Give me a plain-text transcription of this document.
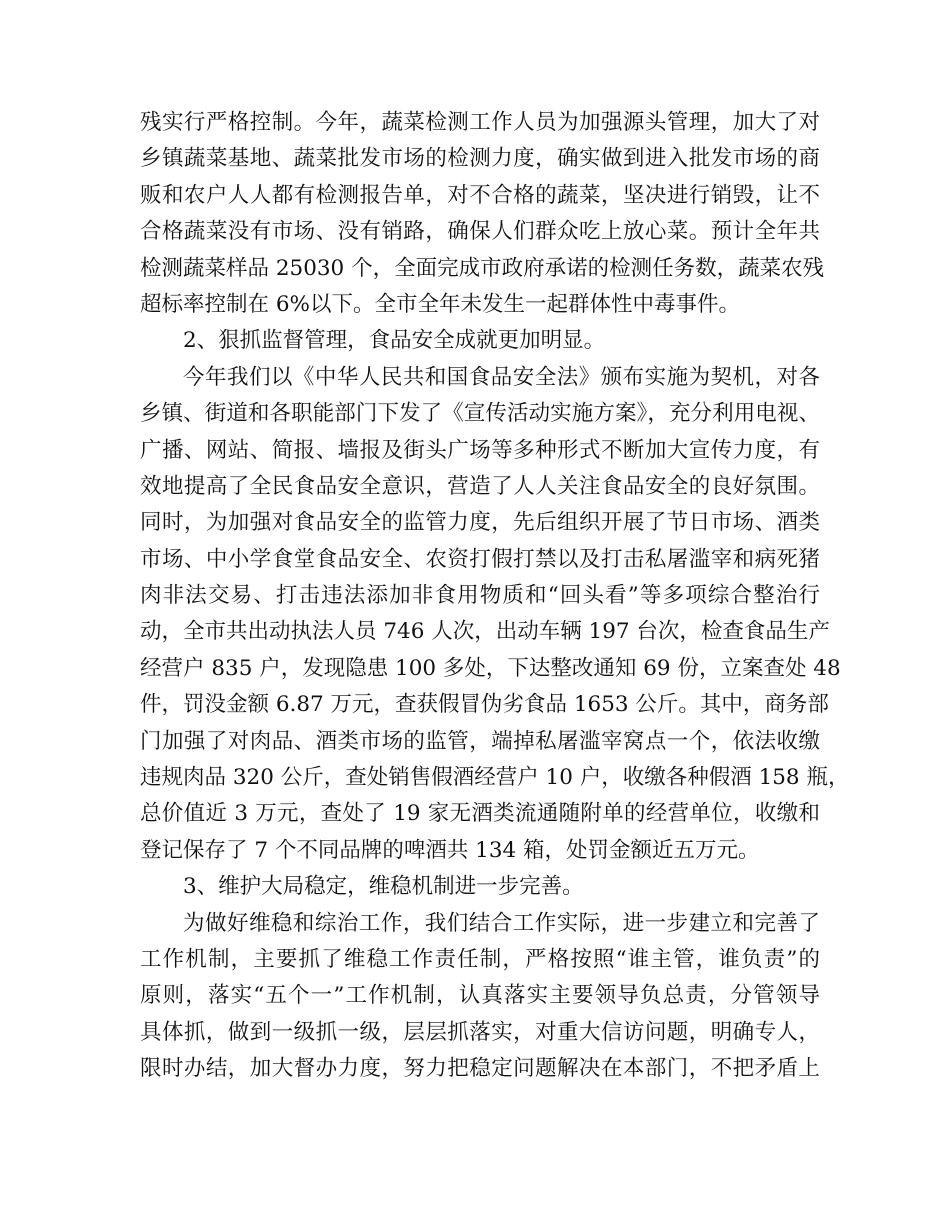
残实行严格控制。今年，蔬菜检测工作人员为加强源头管理，加大了对
乡镇蔬菜基地、蔬菜批发市场的检测力度，确实做到进入批发市场的商
贩和农户人人都有检测报告单，对不合格的蔬菜，坚决进行销毁，让不
合格蔬菜没有市场、没有销路，确保人们群众吃上放心菜。预计全年共
检测蔬菜样品 25030 个，全面完成市政府承诺的检测任务数，蔬菜农残
超标率控制在 6%以下。全市全年未发生一起群体性中毒事件。
2、狠抓监督管理，食品安全成就更加明显。
今年我们以《中华人民共和国食品安全法》颁布实施为契机，对各
乡镇、街道和各职能部门下发了《宣传活动实施方案》，充分利用电视、
广播、网站、简报、墙报及街头广场等多种形式不断加大宣传力度，有
效地提高了全民食品安全意识，营造了人人关注食品安全的良好氛围。
同时，为加强对食品安全的监管力度，先后组织开展了节日市场、酒类
市场、中小学食堂食品安全、农资打假打禁以及打击私屠滥宰和病死猪
肉非法交易、打击违法添加非食用物质和“回头看”等多项综合整治行
动，全市共出动执法人员 746 人次，出动车辆 197 台次，检查食品生产
经营户 835 户，发现隐患 100 多处，下达整改通知 69 份，立案查处 48
件，罚没金额 6.87 万元，查获假冒伪劣食品 1653 公斤。其中，商务部
门加强了对肉品、酒类市场的监管，端掉私屠滥宰窝点一个，依法收缴
违规肉品 320 公斤，查处销售假酒经营户 10 户，收缴各种假酒 158 瓶，
总价值近 3 万元，查处了 19 家无酒类流通随附单的经营单位，收缴和
登记保存了 7 个不同品牌的啤酒共 134 箱，处罚金额近五万元。
3、维护大局稳定，维稳机制进一步完善。
为做好维稳和综治工作，我们结合工作实际，进一步建立和完善了
工作机制，主要抓了维稳工作责任制，严格按照“谁主管，谁负责”的
原则，落实“五个一”工作机制，认真落实主要领导负总责，分管领导
具体抓，做到一级抓一级，层层抓落实，对重大信访问题，明确专人，
限时办结，加大督办力度，努力把稳定问题解决在本部门，不把矛盾上
